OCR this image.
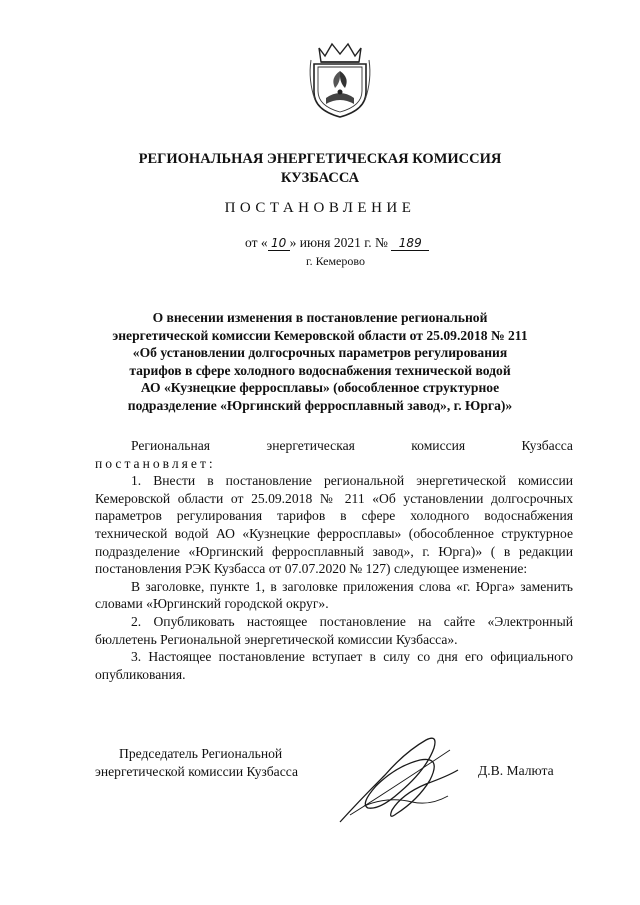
РЕГИОНАЛЬНАЯ ЭНЕРГЕТИЧЕСКАЯ КОМИССИЯ
КУЗБАССА
ПОСТАНОВЛЕНИЕ
от « 10 » июня 2021 г. № 189
г. Кемерово
О внесении изменения в постановление региональной
энергетической комиссии Кемеровской области от 25.09.2018 № 211
«Об установлении долгосрочных параметров регулирования
тарифов в сфере холодного водоснабжения технической водой
АО «Кузнецкие ферросплавы» (обособленное структурное
подразделение «Юргинский ферросплавный завод», г. Юрга)»
Региональная	энергетическая	комиссия	Кузбасса

постановляет:

1. Внести в постановление региональной энергетической комиссии Кемеровской области от 25.09.2018 № 211 «Об установлении долгосрочных параметров регулирования тарифов в сфере холодного водоснабжения технической водой АО «Кузнецкие ферросплавы» (обособленное структурное подразделение «Юргинский ферросплавный завод», г. Юрга)» ( в редакции постановления РЭК Кузбасса от 07.07.2020 № 127) следующее изменение:

В заголовке, пункте 1, в заголовке приложения слова «г. Юрга» заменить словами «Юргинский городской округ».

2. Опубликовать настоящее постановление на сайте «Электронный бюллетень Региональной энергетической комиссии Кузбасса».

3. Настоящее постановление вступает в силу со дня его официального опубликования.

Председатель Региональной
энергетической комиссии Кузбасса	Д.В. Малюта
